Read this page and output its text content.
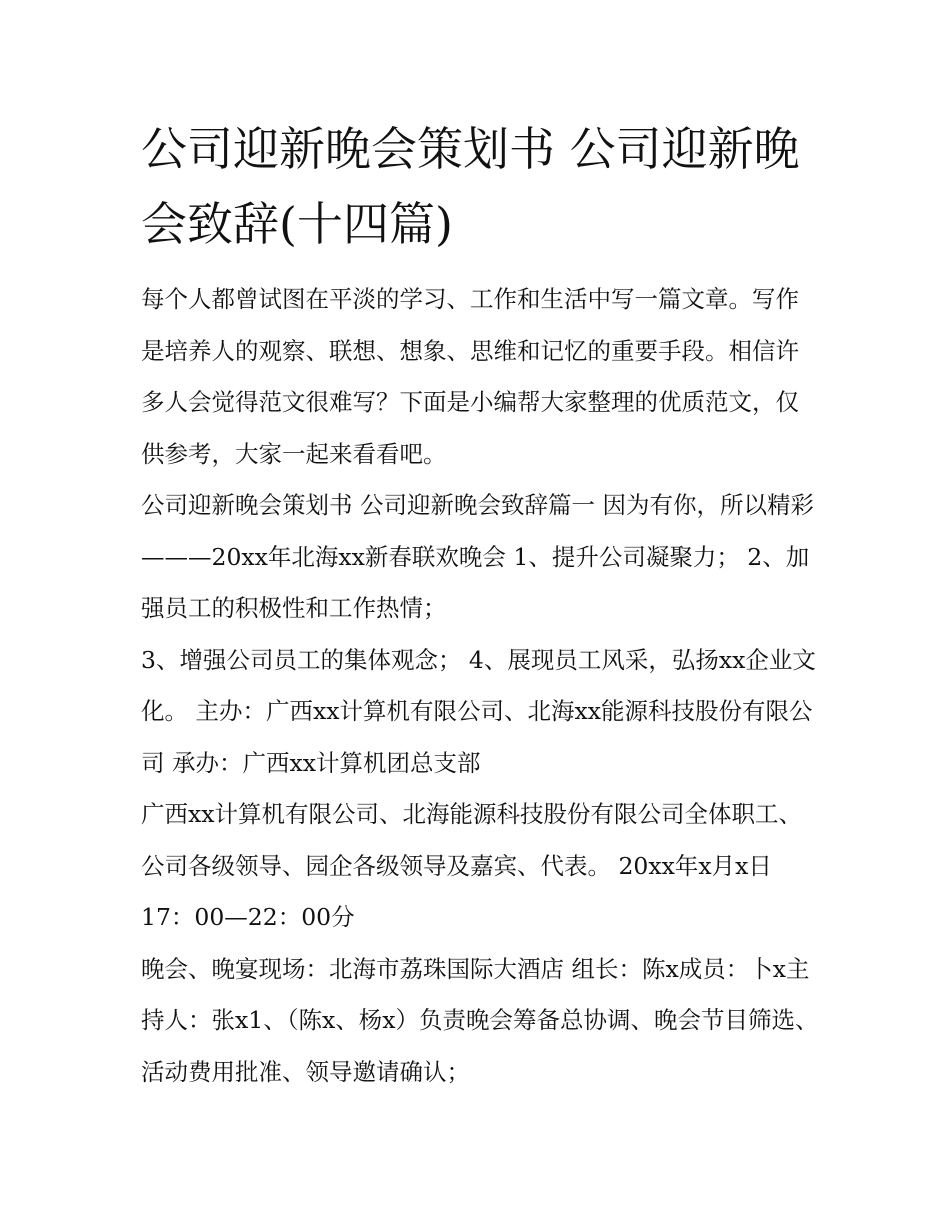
公司迎新晚会策划书 公司迎新晚会致辞(十四篇)

每个人都曾试图在平淡的学习、工作和生活中写一篇文章。写作是培养人的观察、联想、想象、思维和记忆的重要手段。相信许多人会觉得范文很难写？下面是小编帮大家整理的优质范文，仅供参考，大家一起来看看吧。

公司迎新晚会策划书 公司迎新晚会致辞篇一 因为有你，所以精彩———20xx年北海xx新春联欢晚会 1、提升公司凝聚力； 2、加强员工的积极性和工作热情；

3、增强公司员工的集体观念； 4、展现员工风采，弘扬xx企业文化。 主办：广西xx计算机有限公司、北海xx能源科技股份有限公司 承办：广西xx计算机团总支部

广西xx计算机有限公司、北海能源科技股份有限公司全体职工、公司各级领导、园企各级领导及嘉宾、代表。 20xx年x月x日17：00—22：00分

晚会、晚宴现场：北海市荔珠国际大酒店 组长：陈x成员：卜x主持人：张x1、（陈x、杨x）负责晚会筹备总协调、晚会节目筛选、活动费用批准、领导邀请确认；
